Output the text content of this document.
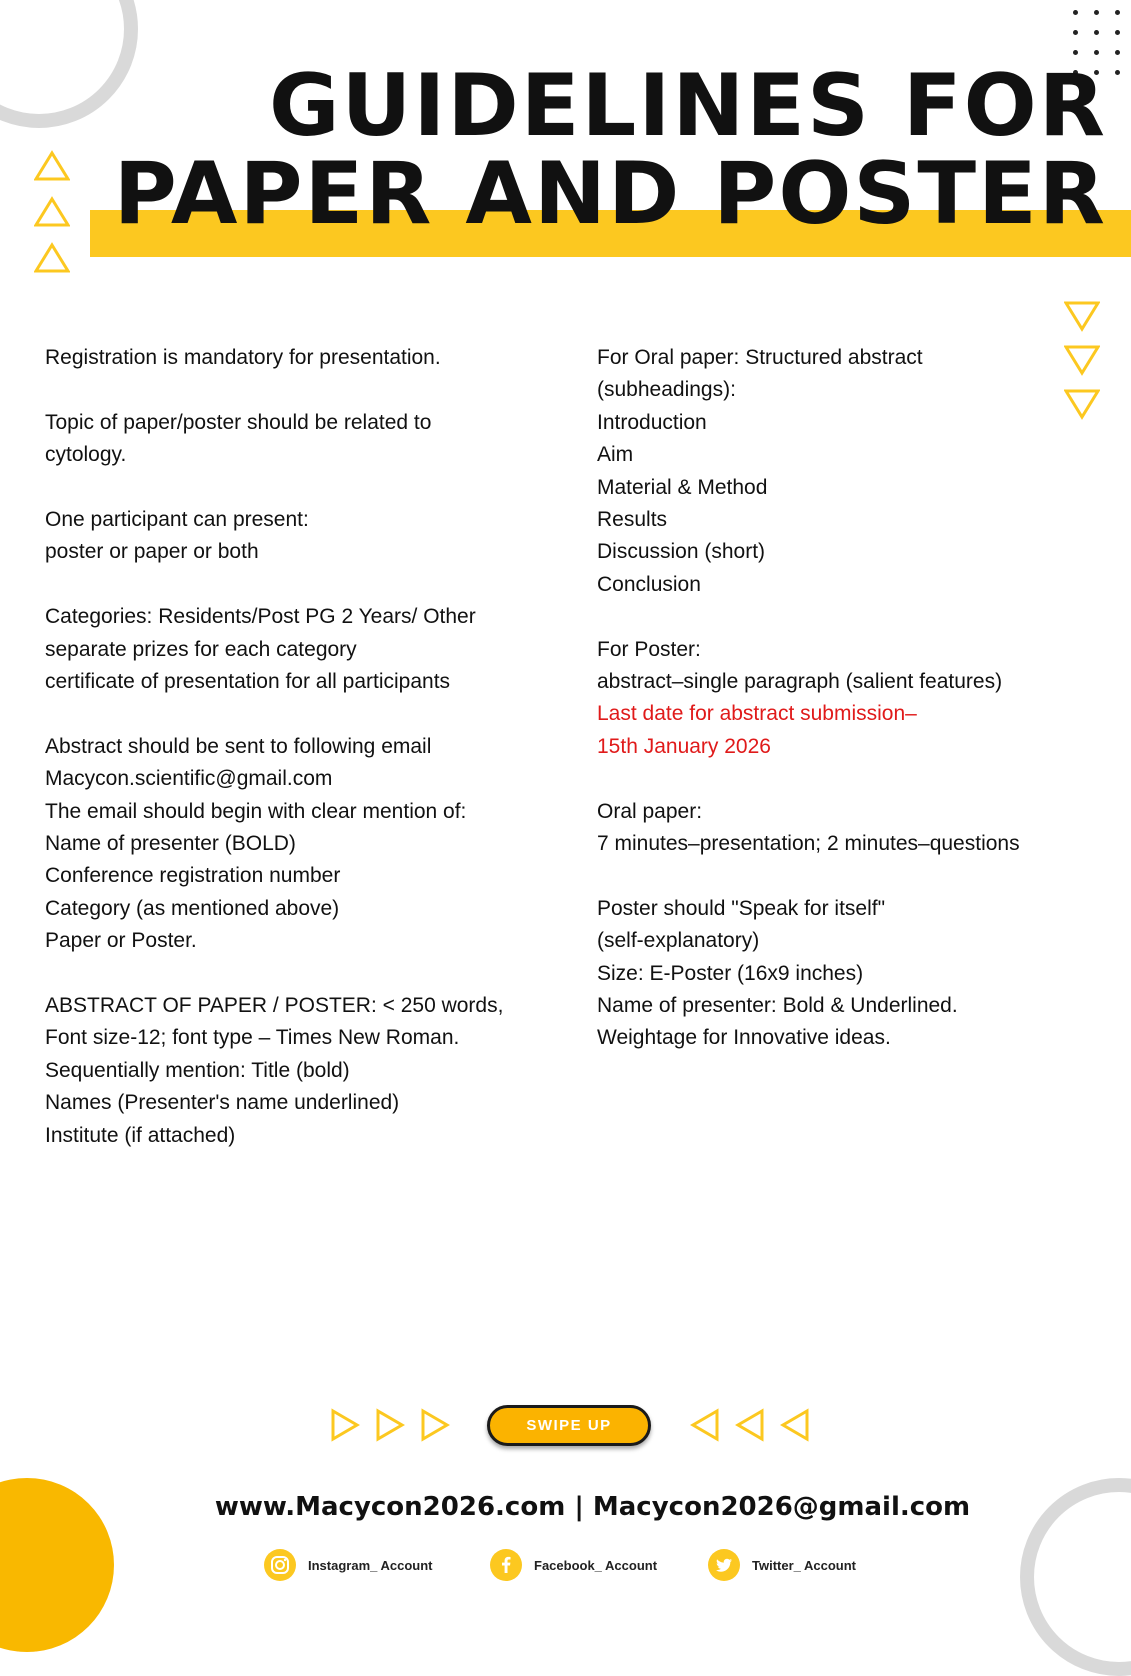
GUIDELINES FOR
PAPER AND POSTER
Registration is mandatory for presentation.
Topic of paper/poster should be related to
cytology.
One participant can present:
poster or paper or both
Categories: Residents/Post PG 2 Years/ Other
separate prizes for each category
certificate of presentation for all participants
Abstract should be sent to following email
Macycon.scientific@gmail.com
The email should begin with clear mention of:
Name of presenter (BOLD)
Conference registration number
Category (as mentioned above)
Paper or Poster.
ABSTRACT OF PAPER / POSTER: < 250 words,
Font size-12; font type – Times New Roman.
Sequentially mention: Title (bold)
Names (Presenter's name underlined)
Institute (if attached)
For Oral paper: Structured abstract
(subheadings):
Introduction
Aim
Material & Method
Results
Discussion (short)
Conclusion
For Poster:
abstract–single paragraph (salient features)
Last date for abstract submission–
15th January 2026
Oral paper:
7 minutes–presentation; 2 minutes–questions
Poster should "Speak for itself"
(self-explanatory)
Size: E-Poster (16x9 inches)
Name of presenter: Bold & Underlined.
Weightage for Innovative ideas.
SWIPE UP
www.Macycon2026.com | Macycon2026@gmail.com
Instagram_ Account	Facebook_ Account	Twitter_ Account
